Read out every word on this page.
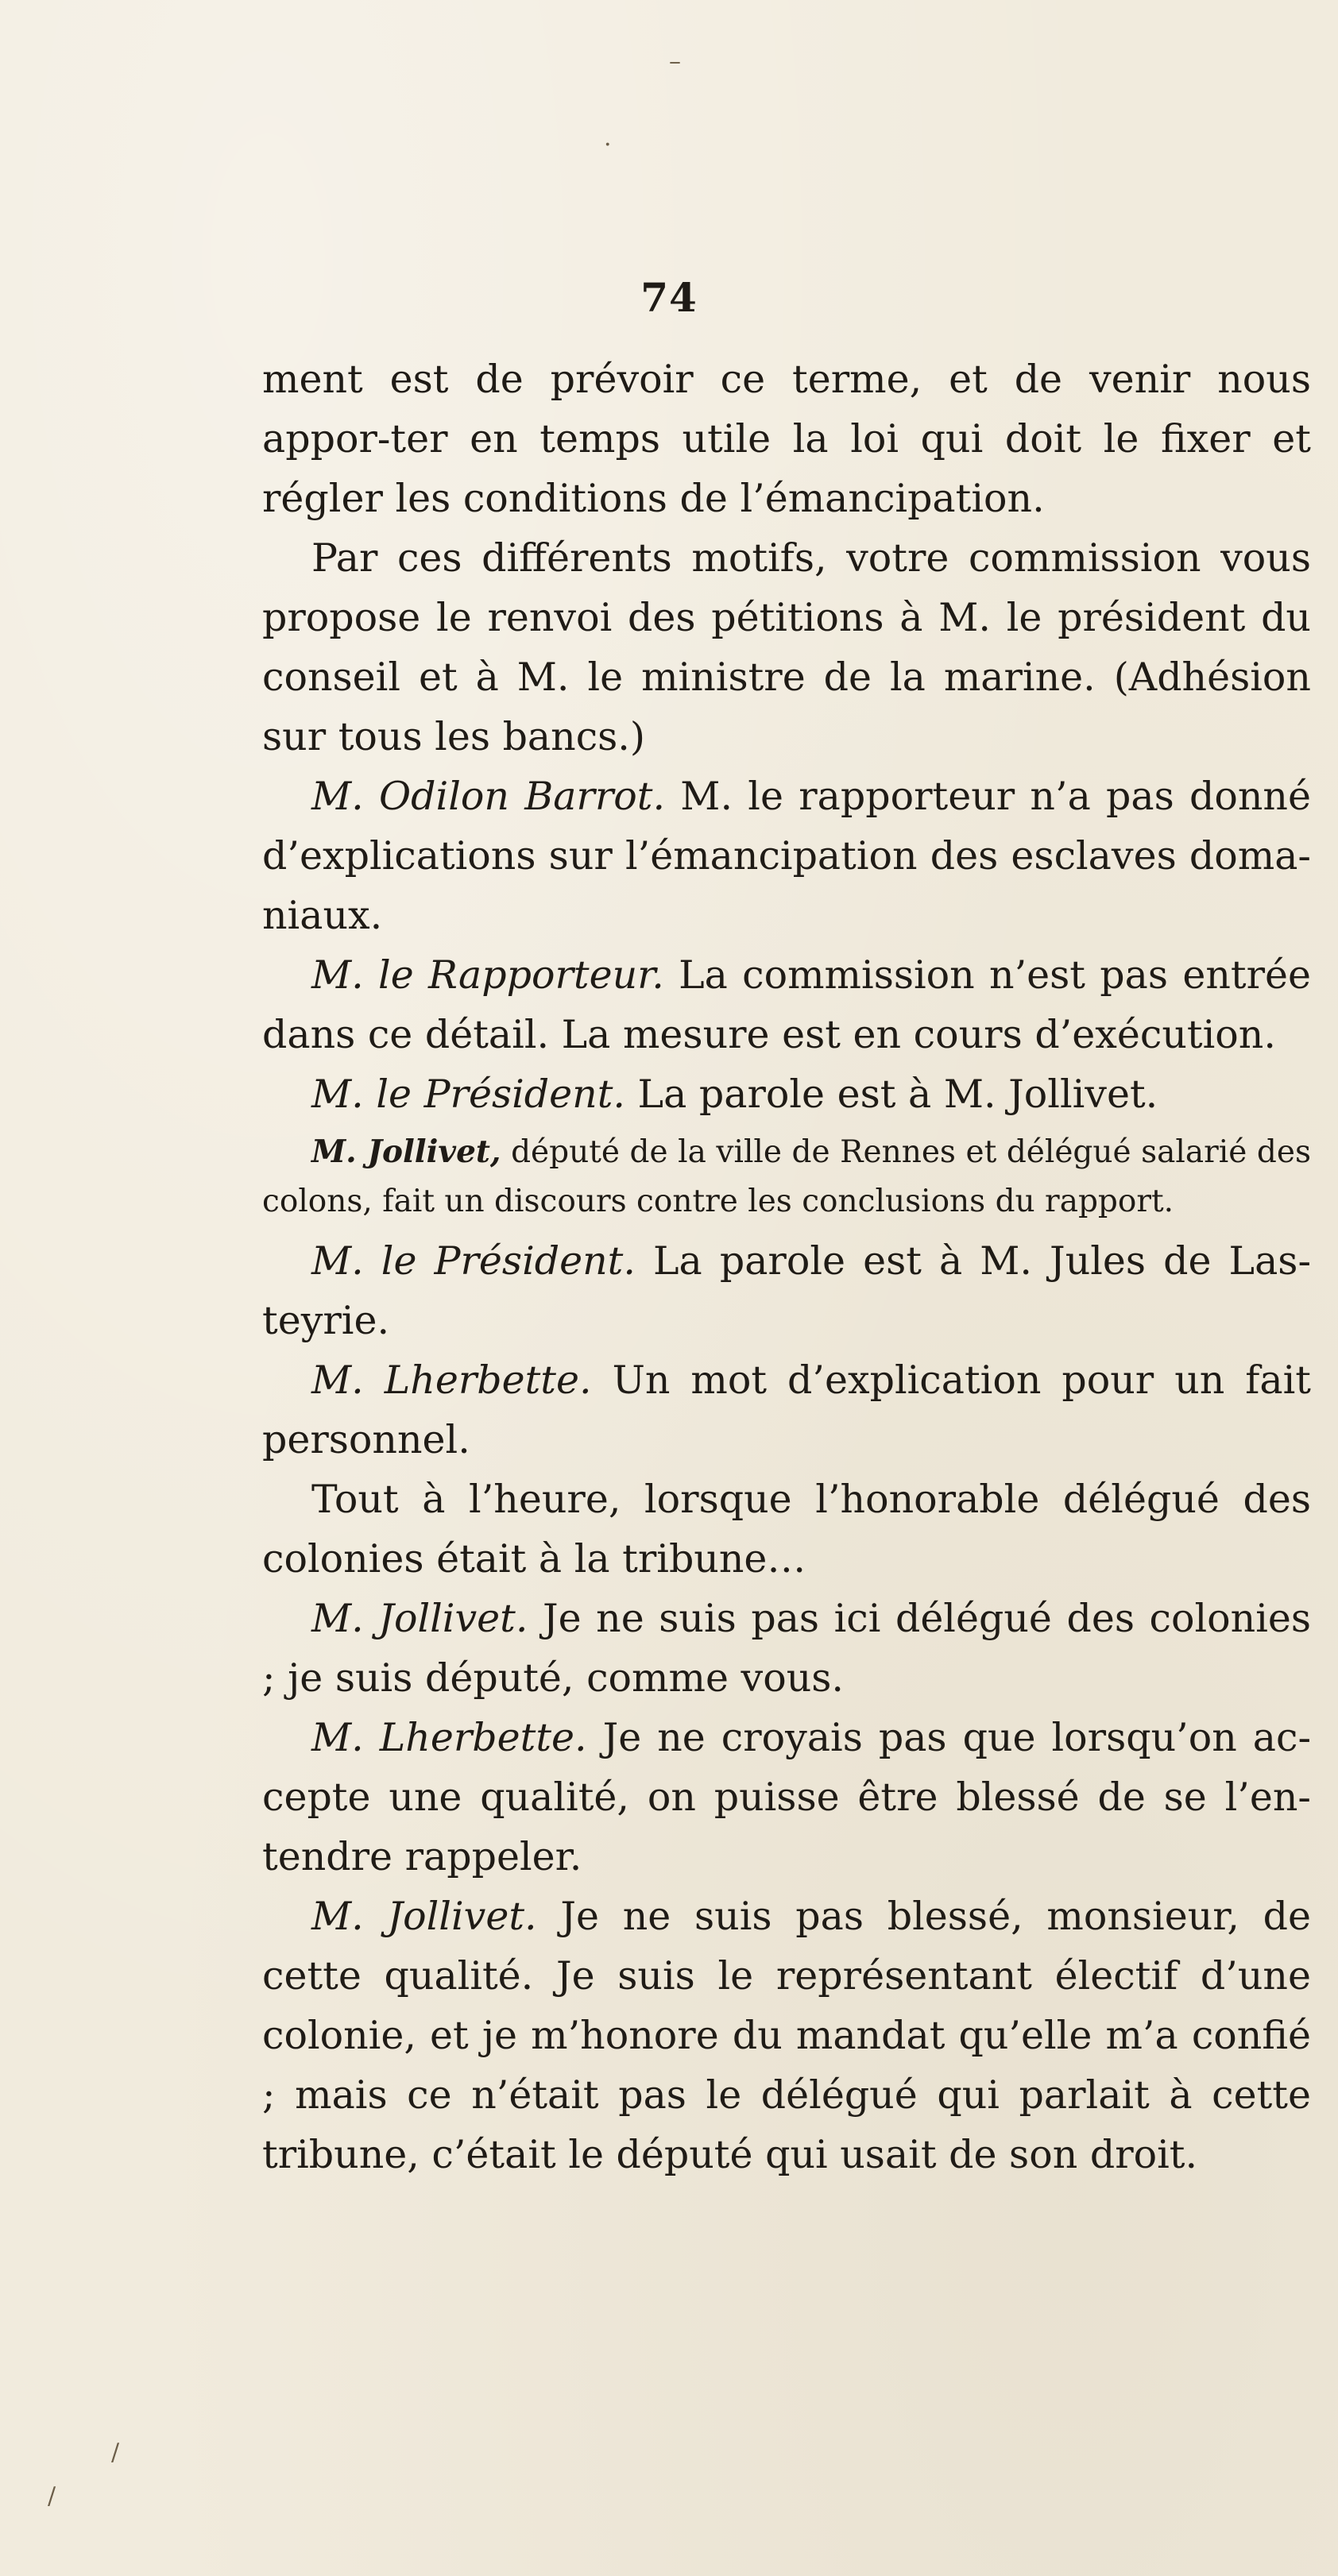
74

ment est de prévoir ce terme, et de venir nous appor-ter en temps utile la loi qui doit le fixer et régler les conditions de l’émancipation.

Par ces différents motifs, votre commission vous propose le renvoi des pétitions à M. le président du conseil et à M. le ministre de la marine. (Adhésion sur tous les bancs.)

M. Odilon Barrot. M. le rapporteur n’a pas donné d’explications sur l’émancipation des esclaves doma-niaux.

M. le Rapporteur. La commission n’est pas entrée dans ce détail. La mesure est en cours d’exécution.

M. le Président. La parole est à M. Jollivet.

M. Jollivet, député de la ville de Rennes et délégué salarié des colons, fait un discours contre les conclusions du rapport.

M. le Président. La parole est à M. Jules de Las-teyrie.

M. Lherbette. Un mot d’explication pour un fait personnel.

Tout à l’heure, lorsque l’honorable délégué des colonies était à la tribune…

M. Jollivet. Je ne suis pas ici délégué des colonies ; je suis député, comme vous.

M. Lherbette. Je ne croyais pas que lorsqu’on ac-cepte une qualité, on puisse être blessé de se l’en-tendre rappeler.

M. Jollivet. Je ne suis pas blessé, monsieur, de cette qualité. Je suis le représentant électif d’une colonie, et je m’honore du mandat qu’elle m’a confié ; mais ce n’était pas le délégué qui parlait à cette tribune, c’était le député qui usait de son droit.

–
·
/
/
